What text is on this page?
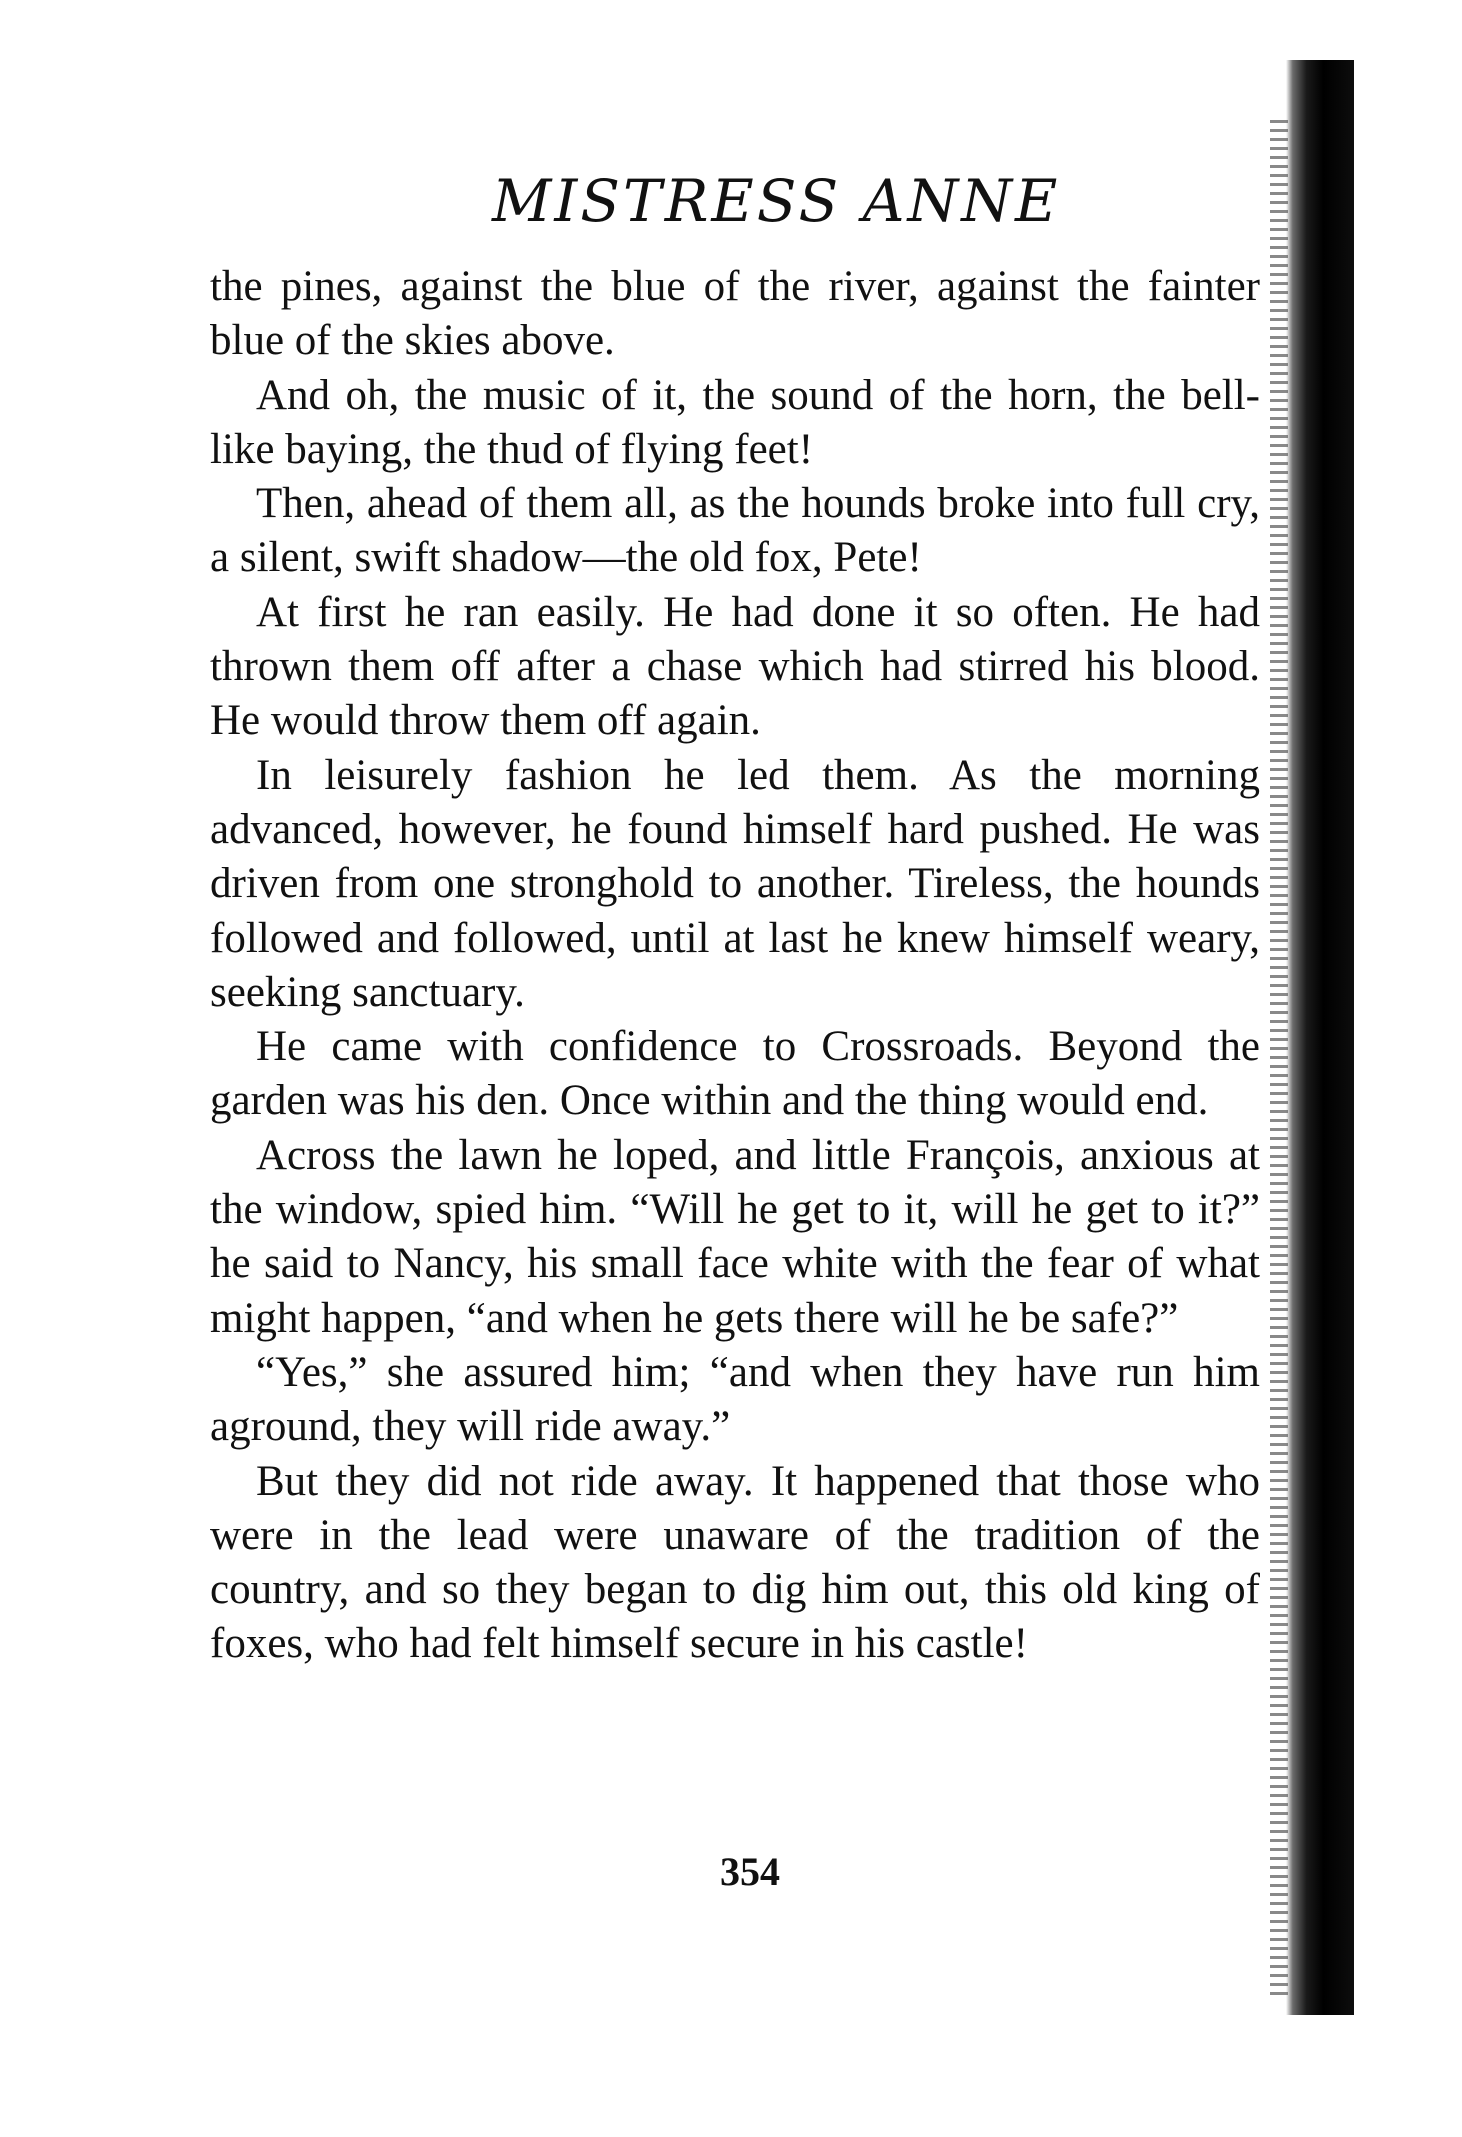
MISTRESS ANNE

the pines, against the blue of the river, against the fainter blue of the skies above.

And oh, the music of it, the sound of the horn, the bell-like baying, the thud of flying feet!

Then, ahead of them all, as the hounds broke into full cry, a silent, swift shadow—the old fox, Pete!

At first he ran easily. He had done it so often. He had thrown them off after a chase which had stirred his blood. He would throw them off again.

In leisurely fashion he led them. As the morning advanced, however, he found himself hard pushed. He was driven from one stronghold to another. Tireless, the hounds followed and followed, until at last he knew himself weary, seeking sanctuary.

He came with confidence to Crossroads. Beyond the garden was his den. Once within and the thing would end.

Across the lawn he loped, and little François, anxious at the window, spied him. “Will he get to it, will he get to it?” he said to Nancy, his small face white with the fear of what might happen, “and when he gets there will he be safe?”

“Yes,” she assured him; “and when they have run him aground, they will ride away.”

But they did not ride away. It happened that those who were in the lead were unaware of the tradition of the country, and so they began to dig him out, this old king of foxes, who had felt himself secure in his castle!

354
